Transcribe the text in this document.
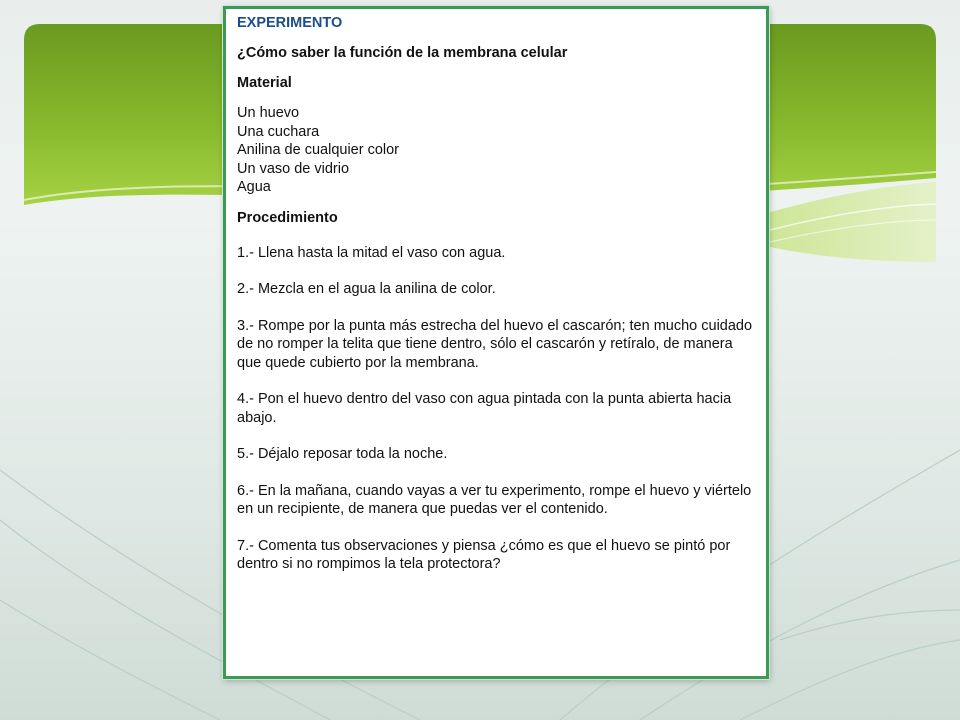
EXPERIMENTO

¿Cómo saber la función de la membrana celular

Material

Un huevo
Una cuchara
Anilina de cualquier color
Un vaso de vidrio
Agua

Procedimiento

1.- Llena hasta la mitad el vaso con agua.

2.- Mezcla en el agua la anilina de color.

3.- Rompe por la punta más estrecha del huevo el cascarón; ten mucho cuidado de no romper la telita que tiene dentro, sólo el cascarón y retíralo, de manera que quede cubierto por la membrana.

4.- Pon el huevo dentro del vaso con agua pintada con la punta abierta hacia abajo.

5.- Déjalo reposar toda la noche.

6.- En la mañana, cuando vayas a ver tu experimento, rompe el huevo y viértelo en un recipiente, de manera que puedas ver el contenido.

7.- Comenta tus observaciones y piensa ¿cómo es que el huevo se pintó por dentro si no rompimos la tela protectora?
